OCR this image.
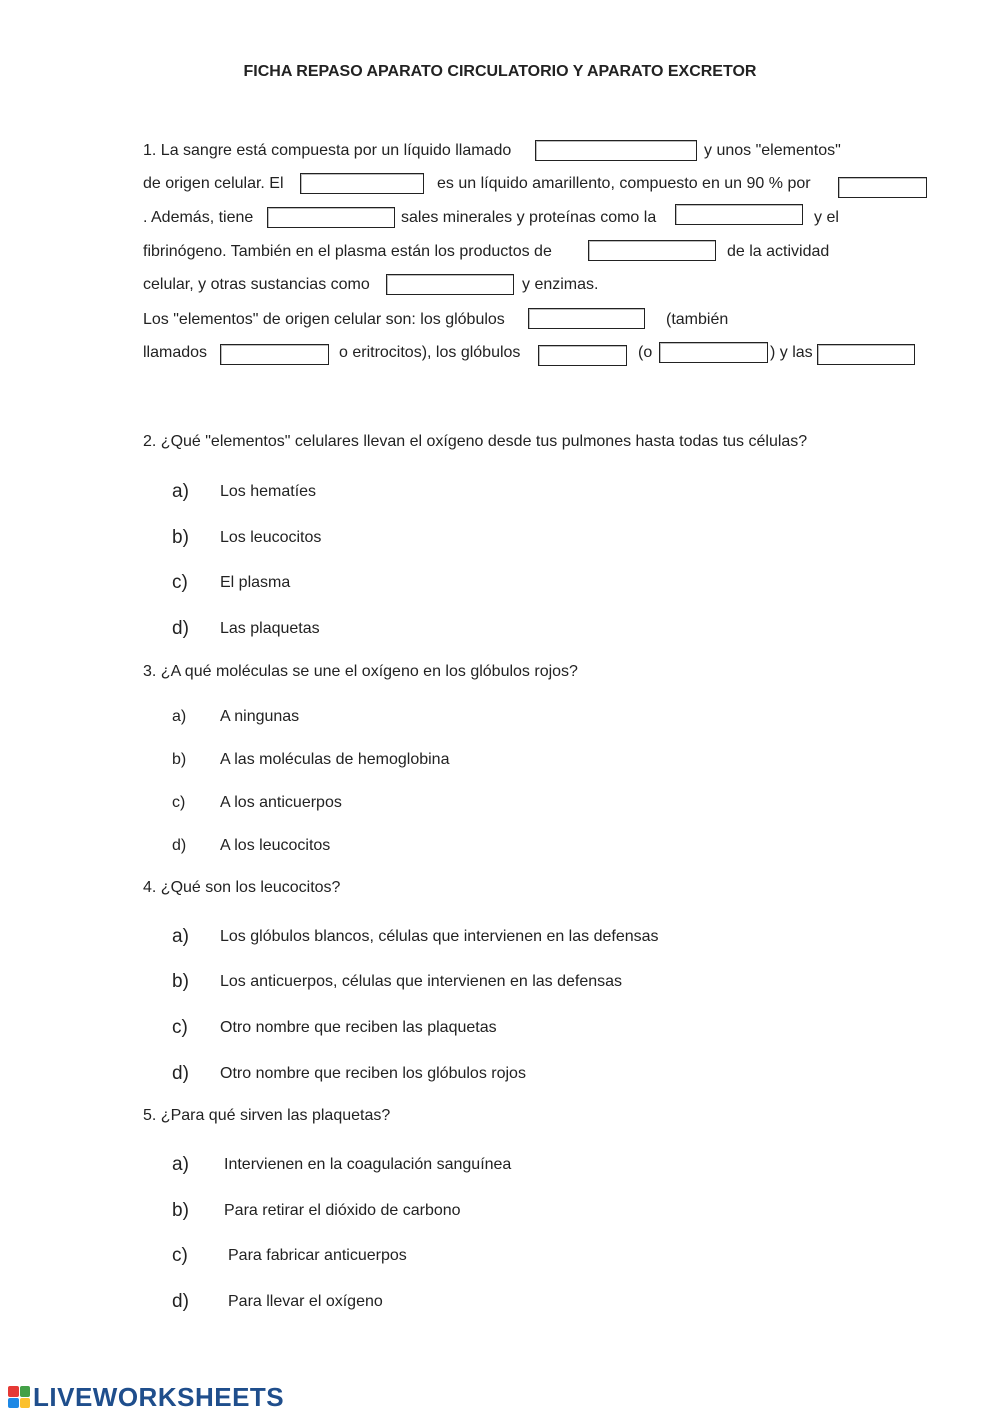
FICHA REPASO APARATO CIRCULATORIO Y APARATO EXCRETOR
1. La sangre está compuesta por un líquido llamado	y unos "elementos"
de origen celular. El	es un líquido amarillento, compuesto en un 90 % por
. Además, tiene	sales minerales y proteínas como la	y el
fibrinógeno. También en el plasma están los productos de	de la actividad
celular, y otras sustancias como	y enzimas.
Los "elementos" de origen celular son: los glóbulos	(también
llamados	o eritrocitos), los glóbulos	(o	) y las
2. ¿Qué "elementos" celulares llevan el oxígeno desde tus pulmones hasta todas tus células?
a) Los hematíes
b) Los leucocitos
c) El plasma
d) Las plaquetas
3. ¿A qué moléculas se une el oxígeno en los glóbulos rojos?
a) A ningunas
b) A las moléculas de hemoglobina
c) A los anticuerpos
d) A los leucocitos
4. ¿Qué son los leucocitos?
a) Los glóbulos blancos, células que intervienen en las defensas
b) Los anticuerpos, células que intervienen en las defensas
c) Otro nombre que reciben las plaquetas
d) Otro nombre que reciben los glóbulos rojos
5. ¿Para qué sirven las plaquetas?
a) Intervienen en la coagulación sanguínea
b) Para retirar el dióxido de carbono
c)	Para fabricar anticuerpos
d) Para llevar el oxígeno
LIVEWORKSHEETS
